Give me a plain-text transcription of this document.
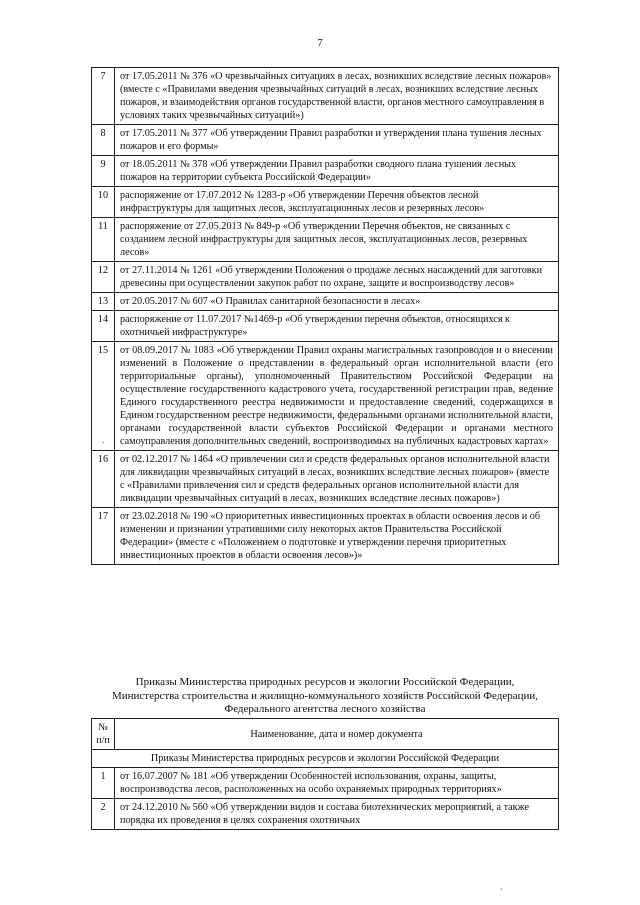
7
7	от 17.05.2011 № 376 «О чрезвычайных ситуациях в лесах, возникших вследствие лесных пожаров» (вместе с «Правилами введения чрезвычайных ситуаций в лесах, возникших вследствие лесных пожаров, и взаимодействия органов государственной власти, органов местного самоуправления в условиях таких чрезвычайных ситуаций»)
8	от 17.05.2011 № 377 «Об утверждении Правил разработки и утверждения плана тушения лесных пожаров и его формы»
9	от 18.05.2011 № 378 «Об утверждении Правил разработки сводного плана тушения лесных пожаров на территории субъекта Российской Федерации»
10	распоряжение от 17.07.2012 № 1283-р «Об утверждении Перечня объектов лесной инфраструктуры для защитных лесов, эксплуатационных лесов и резервных лесов»
11	распоряжение от 27.05.2013 № 849-р «Об утверждении Перечня объектов, не связанных с созданием лесной инфраструктуры для защитных лесов, эксплуатационных лесов, резервных лесов»
12	от 27.11.2014 № 1261 «Об утверждении Положения о продаже лесных насаждений для заготовки древесины при осуществлении закупок работ по охране, защите и воспроизводству лесов»
13	от 20.05.2017 № 607 «О Правилах санитарной безопасности в лесах»
14	распоряжение от 11.07.2017 №1469-р «Об утверждении перечня объектов, относящихся к охотничьей инфраструктуре»
15	от 08.09.2017 № 1083 «Об утверждении Правил охраны магистральных газопроводов и о внесении изменений в Положение о представлении в федеральный орган исполнительной власти (его территориальные органы), уполномоченный Правительством Российской Федерации на осуществление государственного кадастрового учета, государственной регистрации прав, ведение Единого государственного реестра недвижимости и предоставление сведений, содержащихся в Едином государственном реестре недвижимости, федеральными органами исполнительной власти, органами государственной власти субъектов Российской Федерации и органами местного самоуправления дополнительных сведений, воспроизводимых на публичных кадастровых картах»
16	от 02.12.2017 № 1464 «О привлечении сил и средств федеральных органов исполнительной власти для ликвидации чрезвычайных ситуаций в лесах, возникших вследствие лесных пожаров» (вместе с «Правилами привлечения сил и средств федеральных органов исполнительной власти для ликвидации чрезвычайных ситуаций в лесах, возникших вследствие лесных пожаров»)
17	от 23.02.2018 № 190 «О приоритетных инвестиционных проектах в области освоения лесов и об изменении и признании утратившими силу некоторых актов Правительства Российской Федерации» (вместе с «Положением о подготовке и утверждении перечня приоритетных инвестиционных проектов в области освоения лесов»)»
Приказы Министерства природных ресурсов и экологии Российской Федерации,
Министерства строительства и жилищно-коммунального хозяйств Российской Федерации,
Федерального агентства лесного хозяйства
№
п/п	Наименование, дата и номер документа
Приказы Министерства природных ресурсов и экологии Российской Федерации	
1	от 16.07.2007 № 181 «Об утверждении Особенностей использования, охраны, защиты, воспроизводства лесов, расположенных на особо охраняемых природных территориях»
2	от 24.12.2010 № 560 «Об утверждении видов и состава биотехнических мероприятий, а также порядка их проведения в целях сохранения охотничьих
.
.
